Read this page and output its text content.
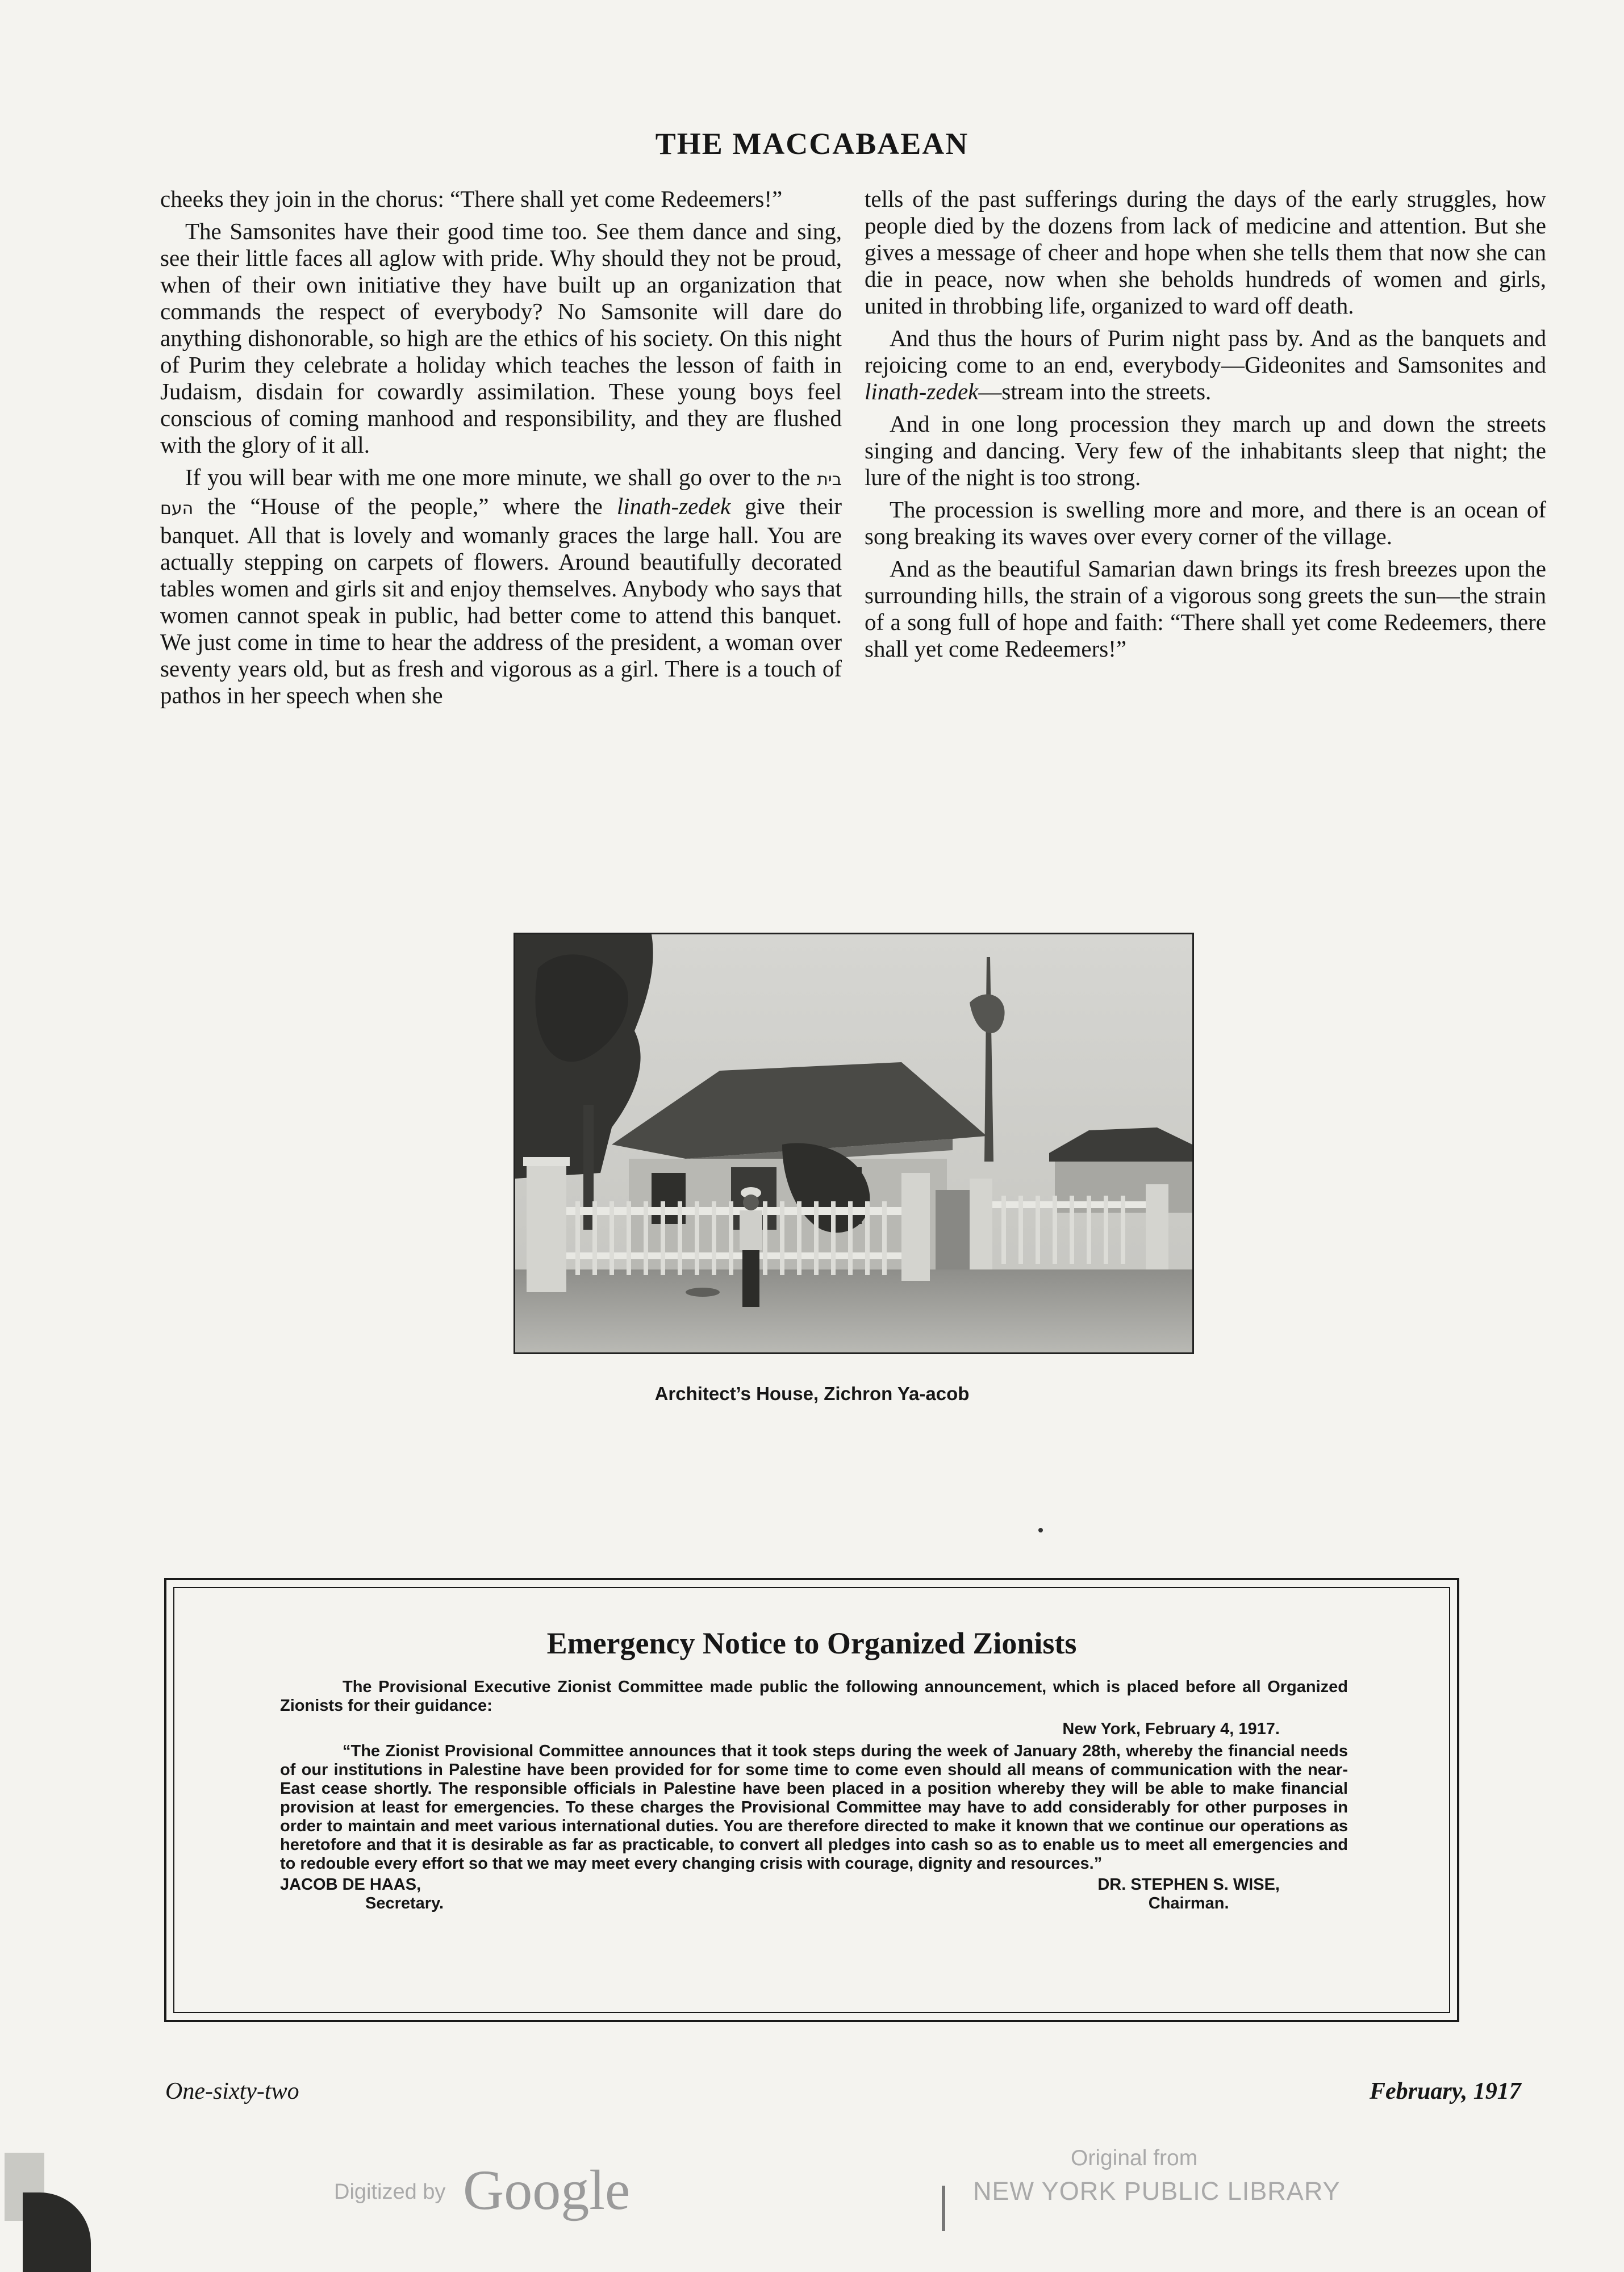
THE MACCABAEAN

cheeks they join in the chorus: “There shall yet come Redeemers!”

The Samsonites have their good time too. See them dance and sing, see their little faces all aglow with pride. Why should they not be proud, when of their own initiative they have built up an organization that commands the respect of everybody? No Samsonite will dare do anything dishonorable, so high are the ethics of his society. On this night of Purim they celebrate a holiday which teaches the lesson of faith in Judaism, disdain for cowardly assimilation. These young boys feel conscious of coming manhood and responsibility, and they are flushed with the glory of it all.

If you will bear with me one more minute, we shall go over to the בית העם the “House of the people,” where the linath-zedek give their banquet. All that is lovely and womanly graces the large hall. You are actually stepping on carpets of flowers. Around beautifully decorated tables women and girls sit and enjoy themselves. Anybody who says that women cannot speak in public, had better come to attend this banquet. We just come in time to hear the address of the president, a woman over seventy years old, but as fresh and vigorous as a girl. There is a touch of pathos in her speech when she

tells of the past sufferings during the days of the early struggles, how people died by the dozens from lack of medicine and attention. But she gives a message of cheer and hope when she tells them that now she can die in peace, now when she beholds hundreds of women and girls, united in throbbing life, organized to ward off death.

And thus the hours of Purim night pass by. And as the banquets and rejoicing come to an end, everybody—Gideonites and Samsonites and linath-zedek—stream into the streets.

And in one long procession they march up and down the streets singing and dancing. Very few of the inhabitants sleep that night; the lure of the night is too strong.

The procession is swelling more and more, and there is an ocean of song breaking its waves over every corner of the village.

And as the beautiful Samarian dawn brings its fresh breezes upon the surrounding hills, the strain of a vigorous song greets the sun—the strain of a song full of hope and faith: “There shall yet come Redeemers, there shall yet come Redeemers!”

Architect’s House, Zichron Ya-acob
Emergency Notice to Organized Zionists

The Provisional Executive Zionist Committee made public the following announcement, which is placed before all Organized Zionists for their guidance:

New York, February 4, 1917.

“The Zionist Provisional Committee announces that it took steps during the week of January 28th, whereby the financial needs of our institutions in Palestine have been provided for for some time to come even should all means of communication with the near-East cease shortly. The responsible officials in Palestine have been placed in a position whereby they will be able to make financial provision at least for emergencies. To these charges the Provisional Committee may have to add considerably for other purposes in order to maintain and meet various international duties. You are therefore directed to make it known that we continue our operations as heretofore and that it is desirable as far as practicable, to convert all pledges into cash so as to enable us to meet all emergencies and to redouble every effort so that we may meet every changing crisis with courage, dignity and resources.”

JACOB DE HAAS,
Secretary.
DR. STEPHEN S. WISE,
Chairman.

One-sixty-two	February, 1917
Digitized by Google
Original from
NEW YORK PUBLIC LIBRARY
